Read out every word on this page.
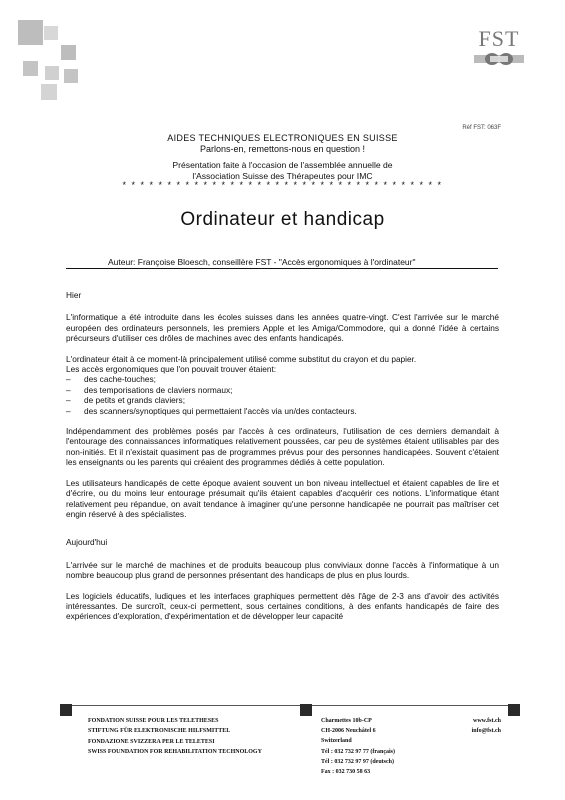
FST
Réf FST: 063F
AIDES TECHNIQUES ELECTRONIQUES EN SUISSE
Parlons-en, remettons-nous en question !
Présentation faite à l'occasion de l'assemblée annuelle de
l'Association Suisse des Thérapeutes pour IMC
* * * * * * * * * * * * * * * * * * * * * * * * * * * * * * * * * * * *
Ordinateur et handicap
Auteur: Françoise Bloesch, conseillère FST - "Accès ergonomiques à l'ordinateur"

Hier

L'informatique a été introduite dans les écoles suisses dans les années quatre-vingt. C'est l'arrivée sur le marché européen des ordinateurs personnels, les premiers Apple et les Amiga/Commodore, qui a donné l'idée à certains précurseurs d'utiliser ces drôles de machines avec des enfants handicapés.

L'ordinateur était à ce moment-là principalement utilisé comme substitut du crayon et du papier.

Les accès ergonomiques que l'on pouvait trouver étaient:

– des cache-touches;
– des temporisations de claviers normaux;
– de petits et grands claviers;
– des scanners/synoptiques qui permettaient l'accès via un/des contacteurs.

Indépendamment des problèmes posés par l'accès à ces ordinateurs, l'utilisation de ces derniers demandait à l'entourage des connaissances informatiques relativement poussées, car peu de systèmes étaient utilisables par des non-initiés. Et il n'existait quasiment pas de programmes prévus pour des personnes handicapées. Souvent c'étaient les enseignants ou les parents qui créaient des programmes dédiés à cette population.

Les utilisateurs handicapés de cette époque avaient souvent un bon niveau intellectuel et étaient capables de lire et d'écrire, ou du moins leur entourage présumait qu'ils étaient capables d'acquérir ces notions. L'informatique étant relativement peu répandue, on avait tendance à imaginer qu'une personne handicapée ne pourrait pas maîtriser cet engin réservé à des spécialistes.

Aujourd'hui

L'arrivée sur le marché de machines et de produits beaucoup plus conviviaux donne l'accès à l'informatique à un nombre beaucoup plus grand de personnes présentant des handicaps de plus en plus lourds.

Les logiciels éducatifs, ludiques et les interfaces graphiques permettent dès l'âge de 2-3 ans d'avoir des activités intéressantes. De surcroît, ceux-ci permettent, sous certaines conditions, à des enfants handicapés de faire des expériences d'exploration, d'expérimentation et de développer leur capacité

FONDATION SUISSE POUR LES TELETHESES
STIFTUNG FÜR ELEKTRONISCHE HILFSMITTEL
FONDAZIONE SVIZZERA PER LE TELETESI
SWISS FOUNDATION FOR REHABILITATION TECHNOLOGY
Charmettes 10b-CP
CH-2006 Neuchâtel 6
Switzerland
Tél : 032 732 97 77 (français)
Tél : 032 732 97 97 (deutsch)
Fax : 032 730 58 63
www.fst.ch
info@fst.ch
